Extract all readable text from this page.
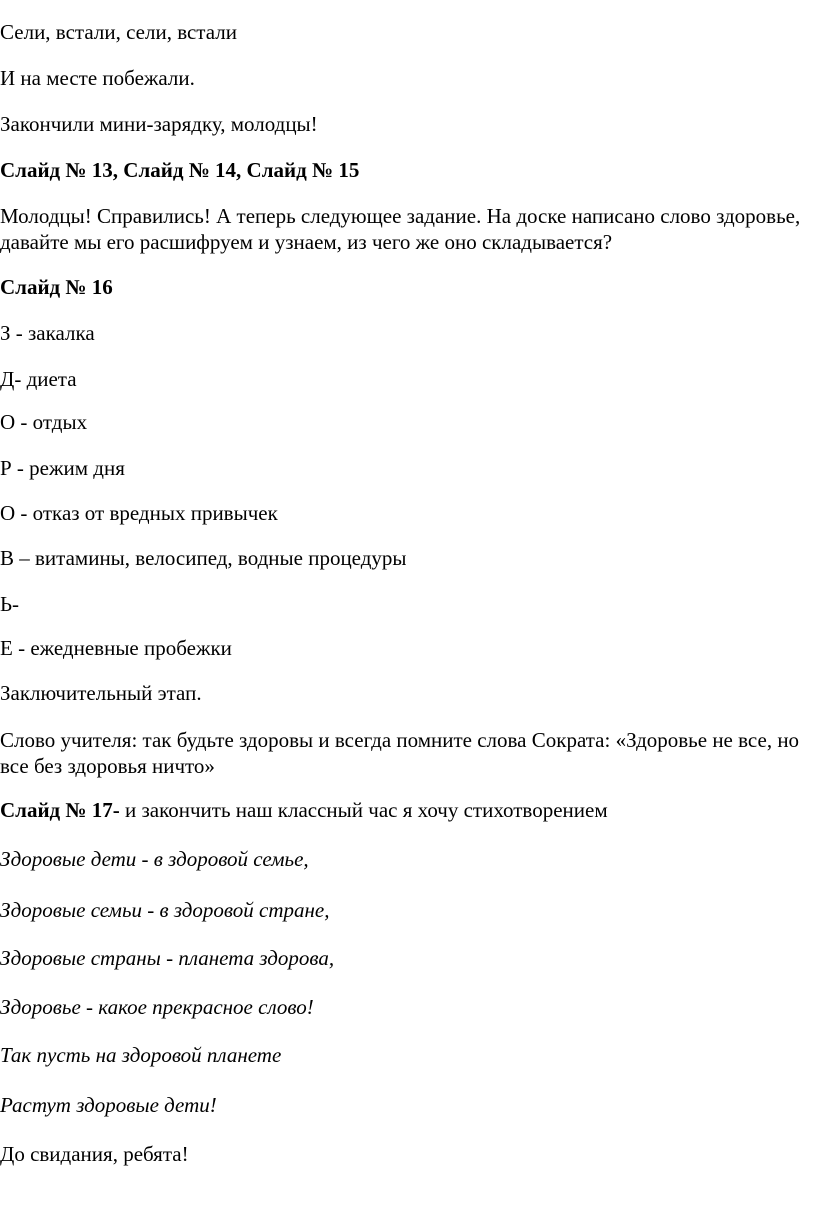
Сели, встали, сели, встали

И на месте побежали.

Закончили мини-зарядку, молодцы!

Слайд № 13, Слайд № 14, Слайд № 15

Молодцы! Справились! А теперь следующее задание. На доске написано слово здоровье, давайте мы его расшифруем и узнаем, из чего же оно складывается?

Слайд № 16

З - закалка

Д- диета

О - отдых

Р - режим дня

О - отказ от вредных привычек

В – витамины, велосипед, водные процедуры

Ь-

Е - ежедневные пробежки

Заключительный этап.

Слово учителя: так будьте здоровы и всегда помните слова Сократа: «Здоровье не все, но все без здоровья ничто»

Слайд № 17- и закончить наш классный час я хочу стихотворением

Здоровые дети - в здоровой семье,

Здоровые семьи - в здоровой стране,

Здоровые страны - планета здорова,

Здоровье - какое прекрасное слово!

Так пусть на здоровой планете

Растут здоровые дети!

До свидания, ребята!
